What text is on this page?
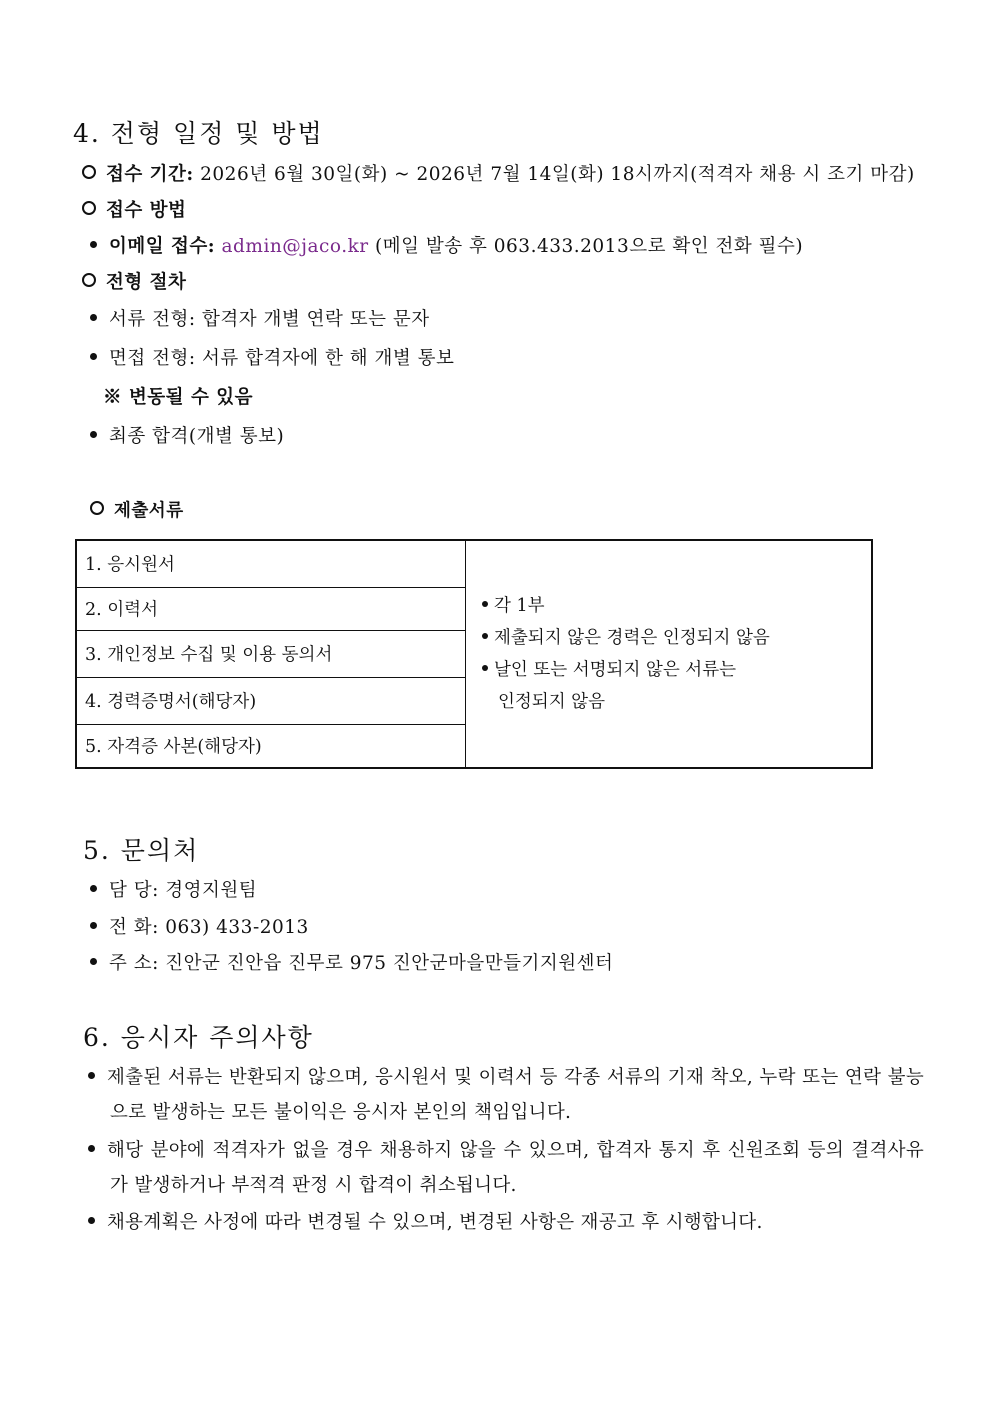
4. 전형 일정 및 방법
접수 기간: 2026년 6월 30일(화) ~ 2026년 7월 14일(화) 18시까지(적격자 채용 시 조기 마감)
접수 방법
이메일 접수: admin@jaco.kr (메일 발송 후 063.433.2013으로 확인 전화 필수)
전형 절차
서류 전형: 합격자 개별 연락 또는 문자
면접 전형: 서류 합격자에 한 해 개별 통보
※ 변동될 수 있음
최종 합격(개별 통보)
제출서류
1. 응시원서	
각 1부
제출되지 않은 경력은 인정되지 않음
날인 또는 서명되지 않은 서류는
인정되지 않음

2. 이력서
3. 개인정보 수집 및 이용 동의서
4. 경력증명서(해당자)
5. 자격증 사본(해당자)
5. 문의처
담 당: 경영지원팀
전 화: 063) 433-2013
주 소: 진안군 진안읍 진무로 975 진안군마을만들기지원센터
6. 응시자 주의사항
제출된 서류는 반환되지 않으며, 응시원서 및 이력서 등 각종 서류의 기재 착오, 누락 또는 연락 불능으로 발생하는 모든 불이익은 응시자 본인의 책임입니다.
해당 분야에 적격자가 없을 경우 채용하지 않을 수 있으며, 합격자 통지 후 신원조회 등의 결격사유가 발생하거나 부적격 판정 시 합격이 취소됩니다.
채용계획은 사정에 따라 변경될 수 있으며, 변경된 사항은 재공고 후 시행합니다.
